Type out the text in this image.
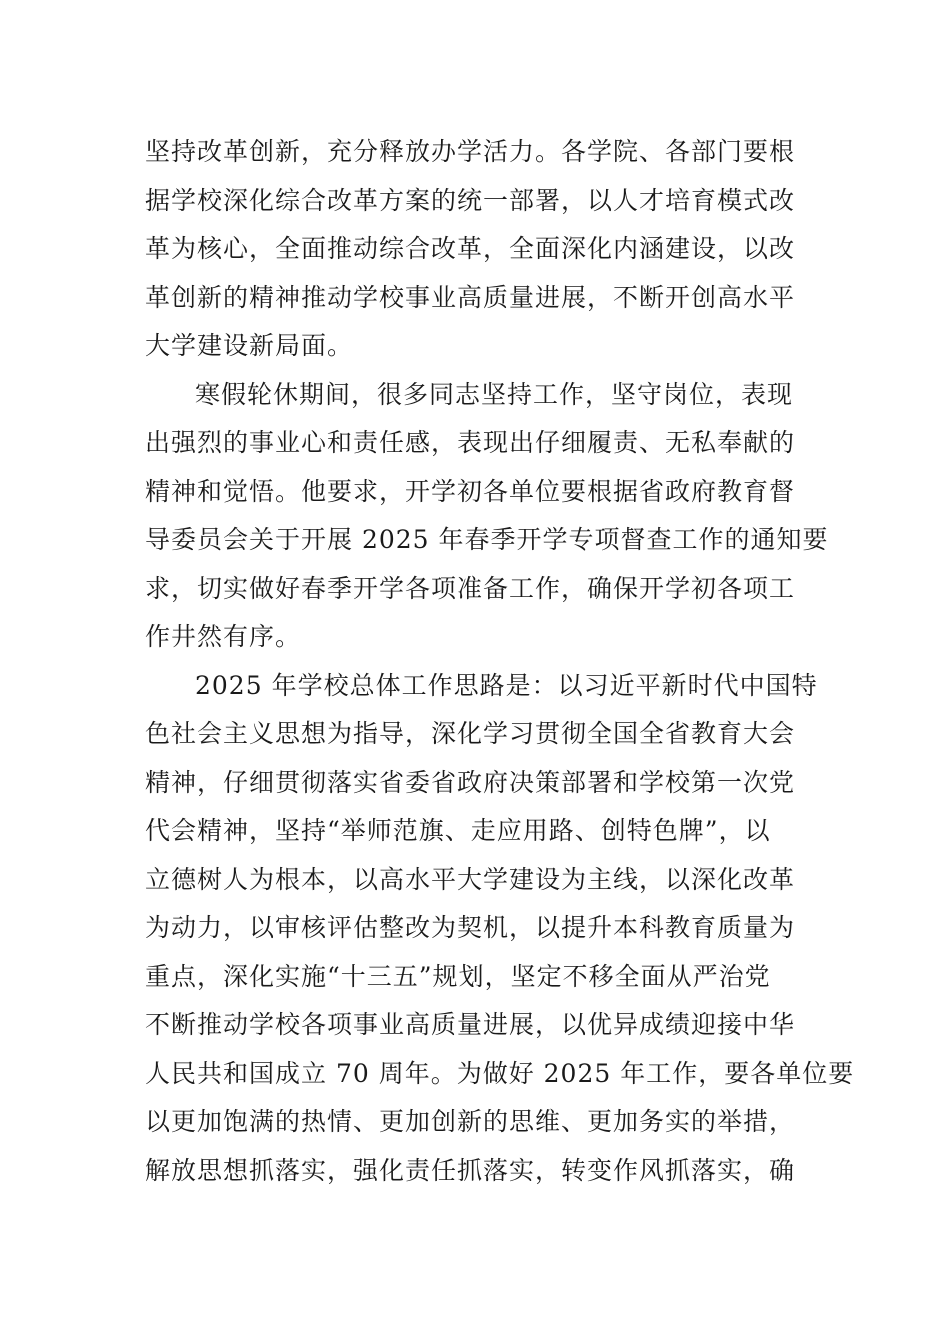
坚持改革创新，充分释放办学活力。各学院、各部门要根
据学校深化综合改革方案的统一部署，以人才培育模式改
革为核心，全面推动综合改革，全面深化内涵建设，以改
革创新的精神推动学校事业高质量进展，不断开创高水平
大学建设新局面。

寒假轮休期间，很多同志坚持工作，坚守岗位，表现
出强烈的事业心和责任感，表现出仔细履责、无私奉献的
精神和觉悟。他要求，开学初各单位要根据省政府教育督
导委员会关于开展 2025 年春季开学专项督查工作的通知要
求，切实做好春季开学各项准备工作，确保开学初各项工
作井然有序。

2025 年学校总体工作思路是：以习近平新时代中国特
色社会主义思想为指导，深化学习贯彻全国全省教育大会
精神，仔细贯彻落实省委省政府决策部署和学校第一次党
代会精神，坚持“举师范旗、走应用路、创特色牌”，以
立德树人为根本，以高水平大学建设为主线，以深化改革
为动力，以审核评估整改为契机，以提升本科教育质量为
重点，深化实施“十三五”规划，坚定不移全面从严治党
不断推动学校各项事业高质量进展，以优异成绩迎接中华
人民共和国成立 70 周年。为做好 2025 年工作，要各单位要
以更加饱满的热情、更加创新的思维、更加务实的举措，
解放思想抓落实，强化责任抓落实，转变作风抓落实，确
